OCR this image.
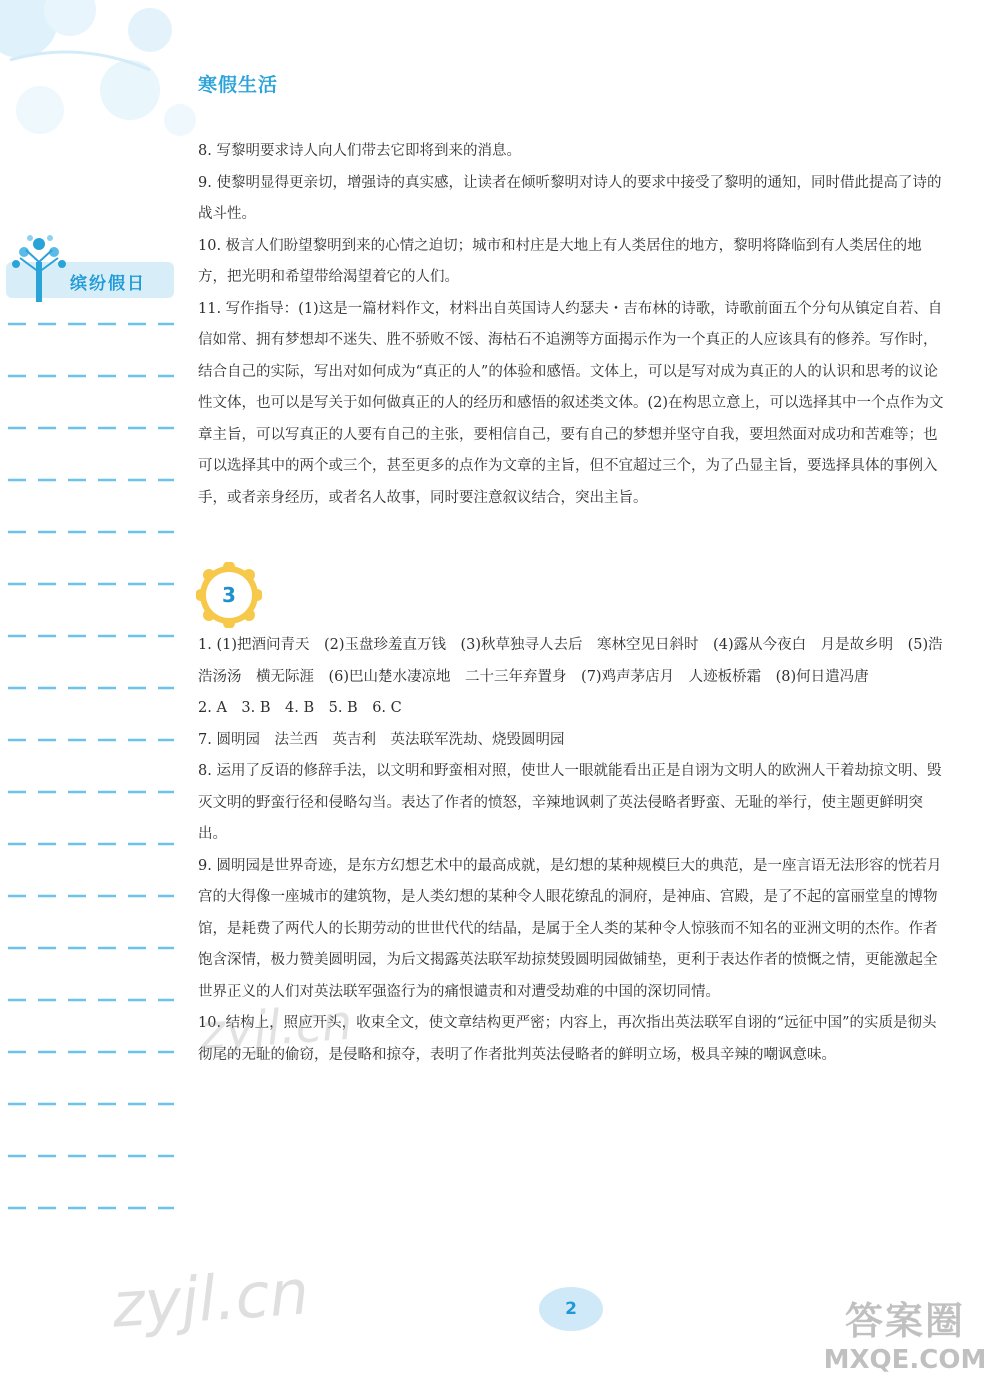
寒假生活
缤纷假日

8. 写黎明要求诗人向人们带去它即将到来的消息。

9. 使黎明显得更亲切，增强诗的真实感，让读者在倾听黎明对诗人的要求中接受了黎明的通知，同时借此提高了诗的战斗性。

10. 极言人们盼望黎明到来的心情之迫切；城市和村庄是大地上有人类居住的地方，黎明将降临到有人类居住的地方，把光明和希望带给渴望着它的人们。

11. 写作指导：(1)这是一篇材料作文，材料出自英国诗人约瑟夫・吉布林的诗歌，诗歌前面五个分句从镇定自若、自信如常、拥有梦想却不迷失、胜不骄败不馁、海枯石不追溯等方面揭示作为一个真正的人应该具有的修养。写作时，结合自己的实际，写出对如何成为“真正的人”的体验和感悟。文体上，可以是写对成为真正的人的认识和思考的议论性文体，也可以是写关于如何做真正的人的经历和感悟的叙述类文体。(2)在构思立意上，可以选择其中一个点作为文章主旨，可以写真正的人要有自己的主张，要相信自己，要有自己的梦想并坚守自我，要坦然面对成功和苦难等；也可以选择其中的两个或三个，甚至更多的点作为文章的主旨，但不宜超过三个，为了凸显主旨，要选择具体的事例入手，或者亲身经历，或者名人故事，同时要注意叙议结合，突出主旨。

3

1. (1)把酒问青天　(2)玉盘珍羞直万钱　(3)秋草独寻人去后　寒林空见日斜时　(4)露从今夜白　月是故乡明　(5)浩浩汤汤　横无际涯　(6)巴山楚水凄凉地　二十三年弃置身　(7)鸡声茅店月　人迹板桥霜　(8)何日遣冯唐

2. A　3. B　4. B　5. B　6. C

7. 圆明园　法兰西　英吉利　英法联军洗劫、烧毁圆明园

8. 运用了反语的修辞手法，以文明和野蛮相对照，使世人一眼就能看出正是自诩为文明人的欧洲人干着劫掠文明、毁灭文明的野蛮行径和侵略勾当。表达了作者的愤怒，辛辣地讽刺了英法侵略者野蛮、无耻的举行，使主题更鲜明突出。

9. 圆明园是世界奇迹，是东方幻想艺术中的最高成就，是幻想的某种规模巨大的典范，是一座言语无法形容的恍若月宫的大得像一座城市的建筑物，是人类幻想的某种令人眼花缭乱的洞府，是神庙、宫殿，是了不起的富丽堂皇的博物馆，是耗费了两代人的长期劳动的世世代代的结晶，是属于全人类的某种令人惊骇而不知名的亚洲文明的杰作。作者饱含深情，极力赞美圆明园，为后文揭露英法联军劫掠焚毁圆明园做铺垫，更利于表达作者的愤慨之情，更能激起全世界正义的人们对英法联军强盗行为的痛恨谴责和对遭受劫难的中国的深切同情。

10. 结构上，照应开头，收束全文，使文章结构更严密；内容上，再次指出英法联军自诩的“远征中国”的实质是彻头彻尾的无耻的偷窃，是侵略和掠夺，表明了作者批判英法侵略者的鲜明立场，极具辛辣的嘲讽意味。

2
zyjl.cn
zyjl.cn	答案圈
MXQE.COM
